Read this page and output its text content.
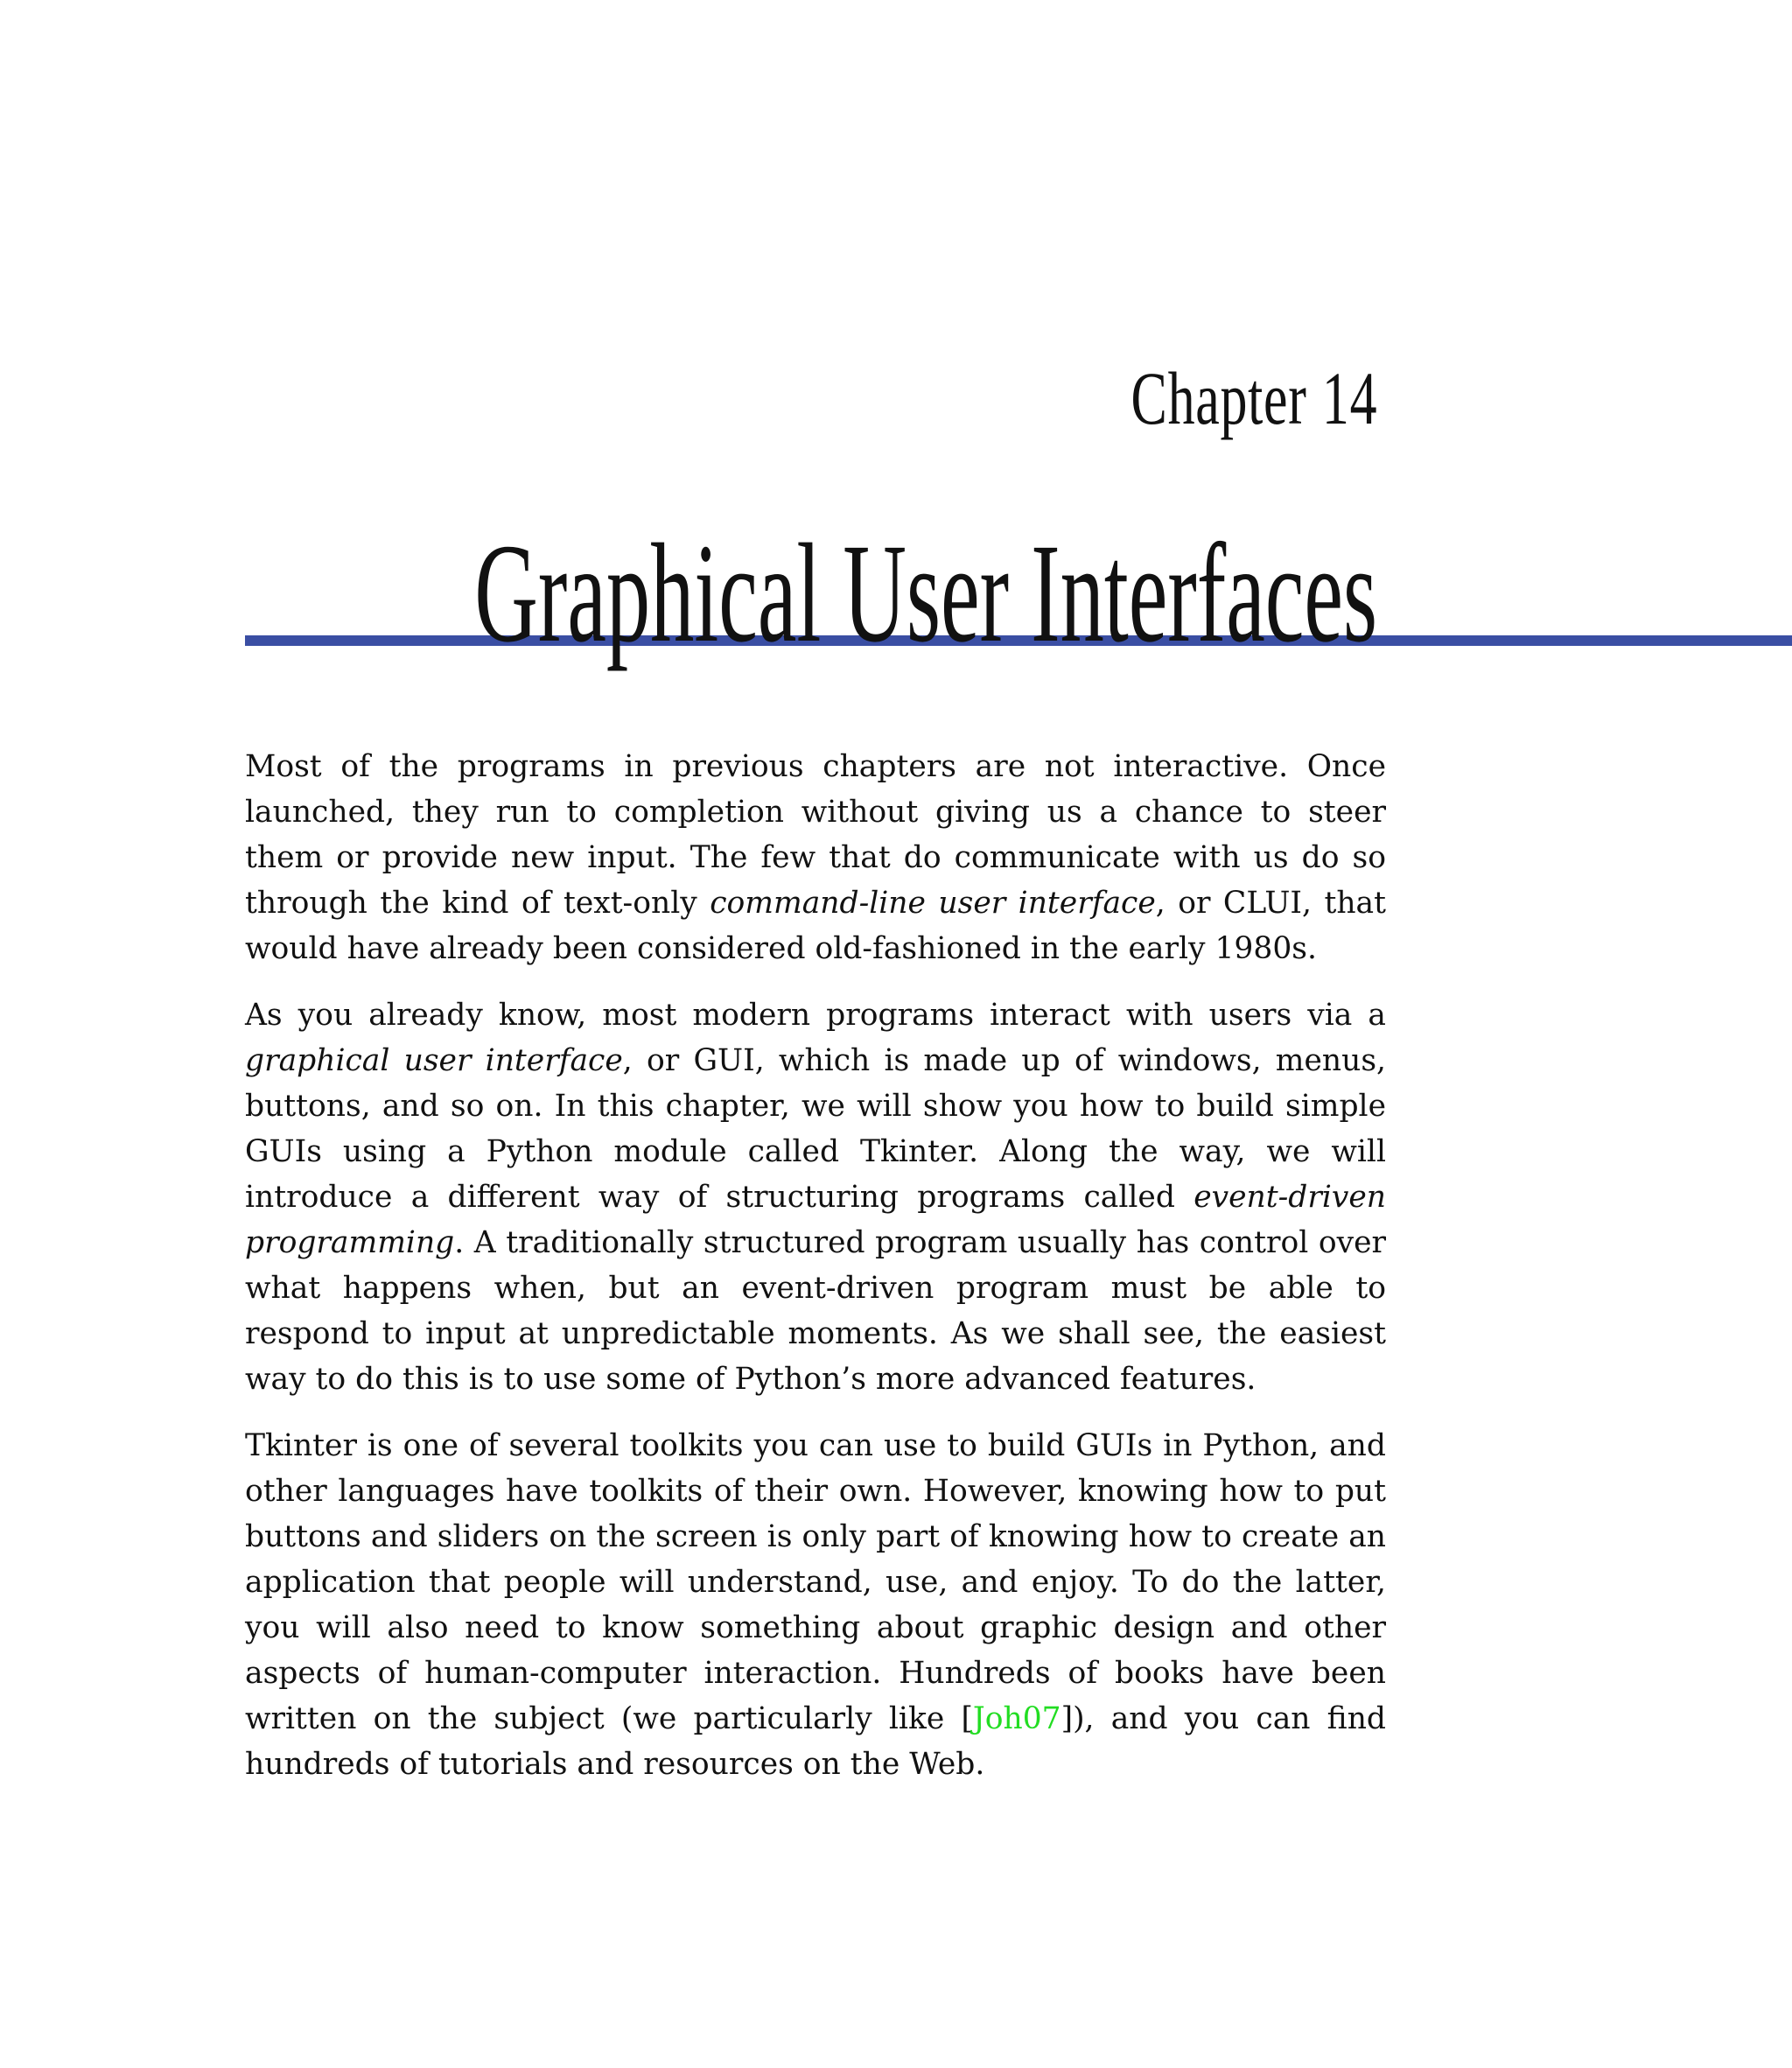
Chapter 14
Graphical User Interfaces

Most of the programs in previous chapters are not interactive. Once launched, they run to completion without giving us a chance to steer them or provide new input. The few that do communicate with us do so through the kind of text-only command-line user interface, or CLUI, that would have already been considered old-fashioned in the early 1980s.

As you already know, most modern programs interact with users via a graphical user interface, or GUI, which is made up of windows, menus, buttons, and so on. In this chapter, we will show you how to build simple GUIs using a Python module called Tkinter. Along the way, we will introduce a different way of structuring programs called event-driven programming. A traditionally structured program usually has control over what happens when, but an event-driven program must be able to respond to input at unpredictable moments. As we shall see, the easiest way to do this is to use some of Python’s more advanced features.

Tkinter is one of several toolkits you can use to build GUIs in Python, and other languages have toolkits of their own. However, knowing how to put buttons and sliders on the screen is only part of knowing how to create an application that people will understand, use, and enjoy. To do the latter, you will also need to know something about graphic design and other aspects of human-computer interaction. Hundreds of books have been written on the subject (we particularly like [Joh07]), and you can find hundreds of tutorials and resources on the Web.
